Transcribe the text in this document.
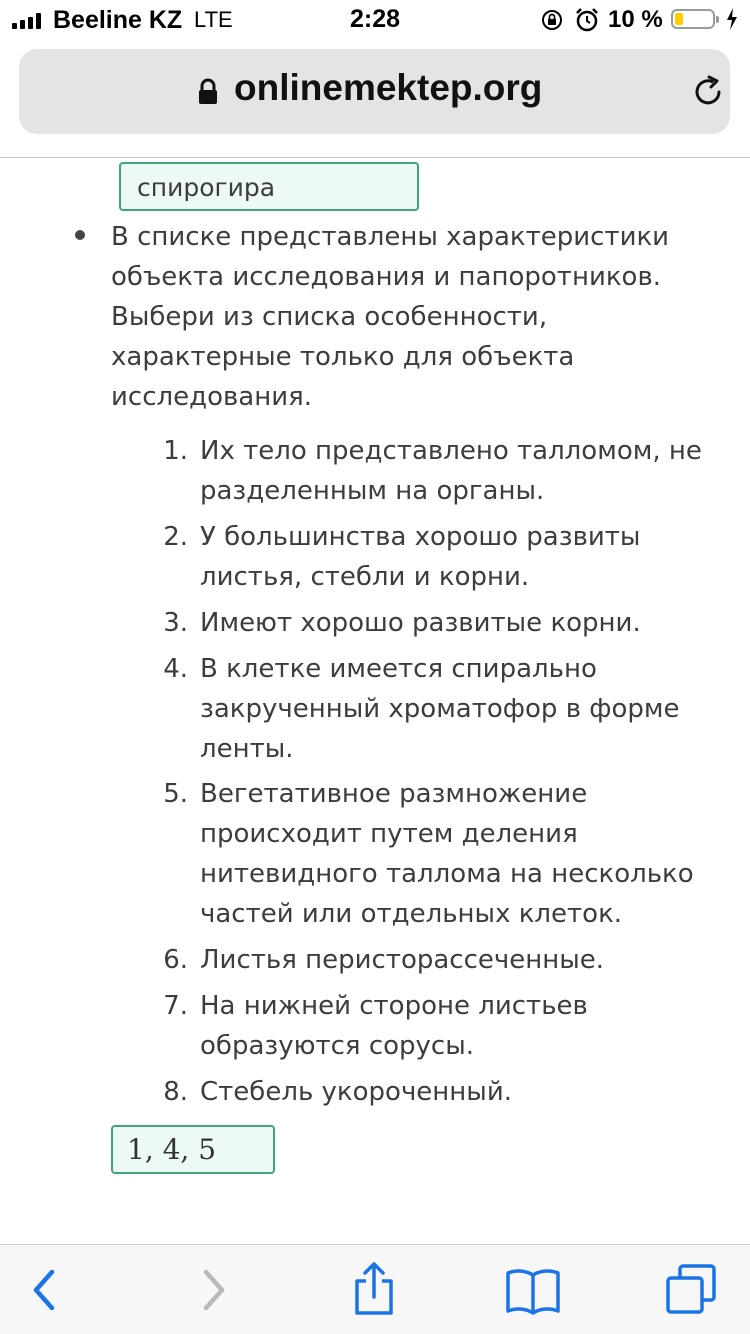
Beeline KZ LTE	2:28	10 %
onlinemektep.org
спирогира
В списке представлены характеристики
объекта исследования и папоротников.
Выбери из списка особенности,
характерные только для объекта
исследования.
1. Их тело представлено талломом, не
разделенным на органы.
2. У большинства хорошо развиты
листья, стебли и корни.
3. Имеют хорошо развитые корни.
4. В клетке имеется спирально
закрученный хроматофор в форме
ленты.
5. Вегетативное размножение
происходит путем деления
нитевидного таллома на несколько
частей или отдельных клеток.
6. Листья перисторассеченные.
7. На нижней стороне листьев
образуются сорусы.
8. Стебель укороченный.
1, 4, 5
